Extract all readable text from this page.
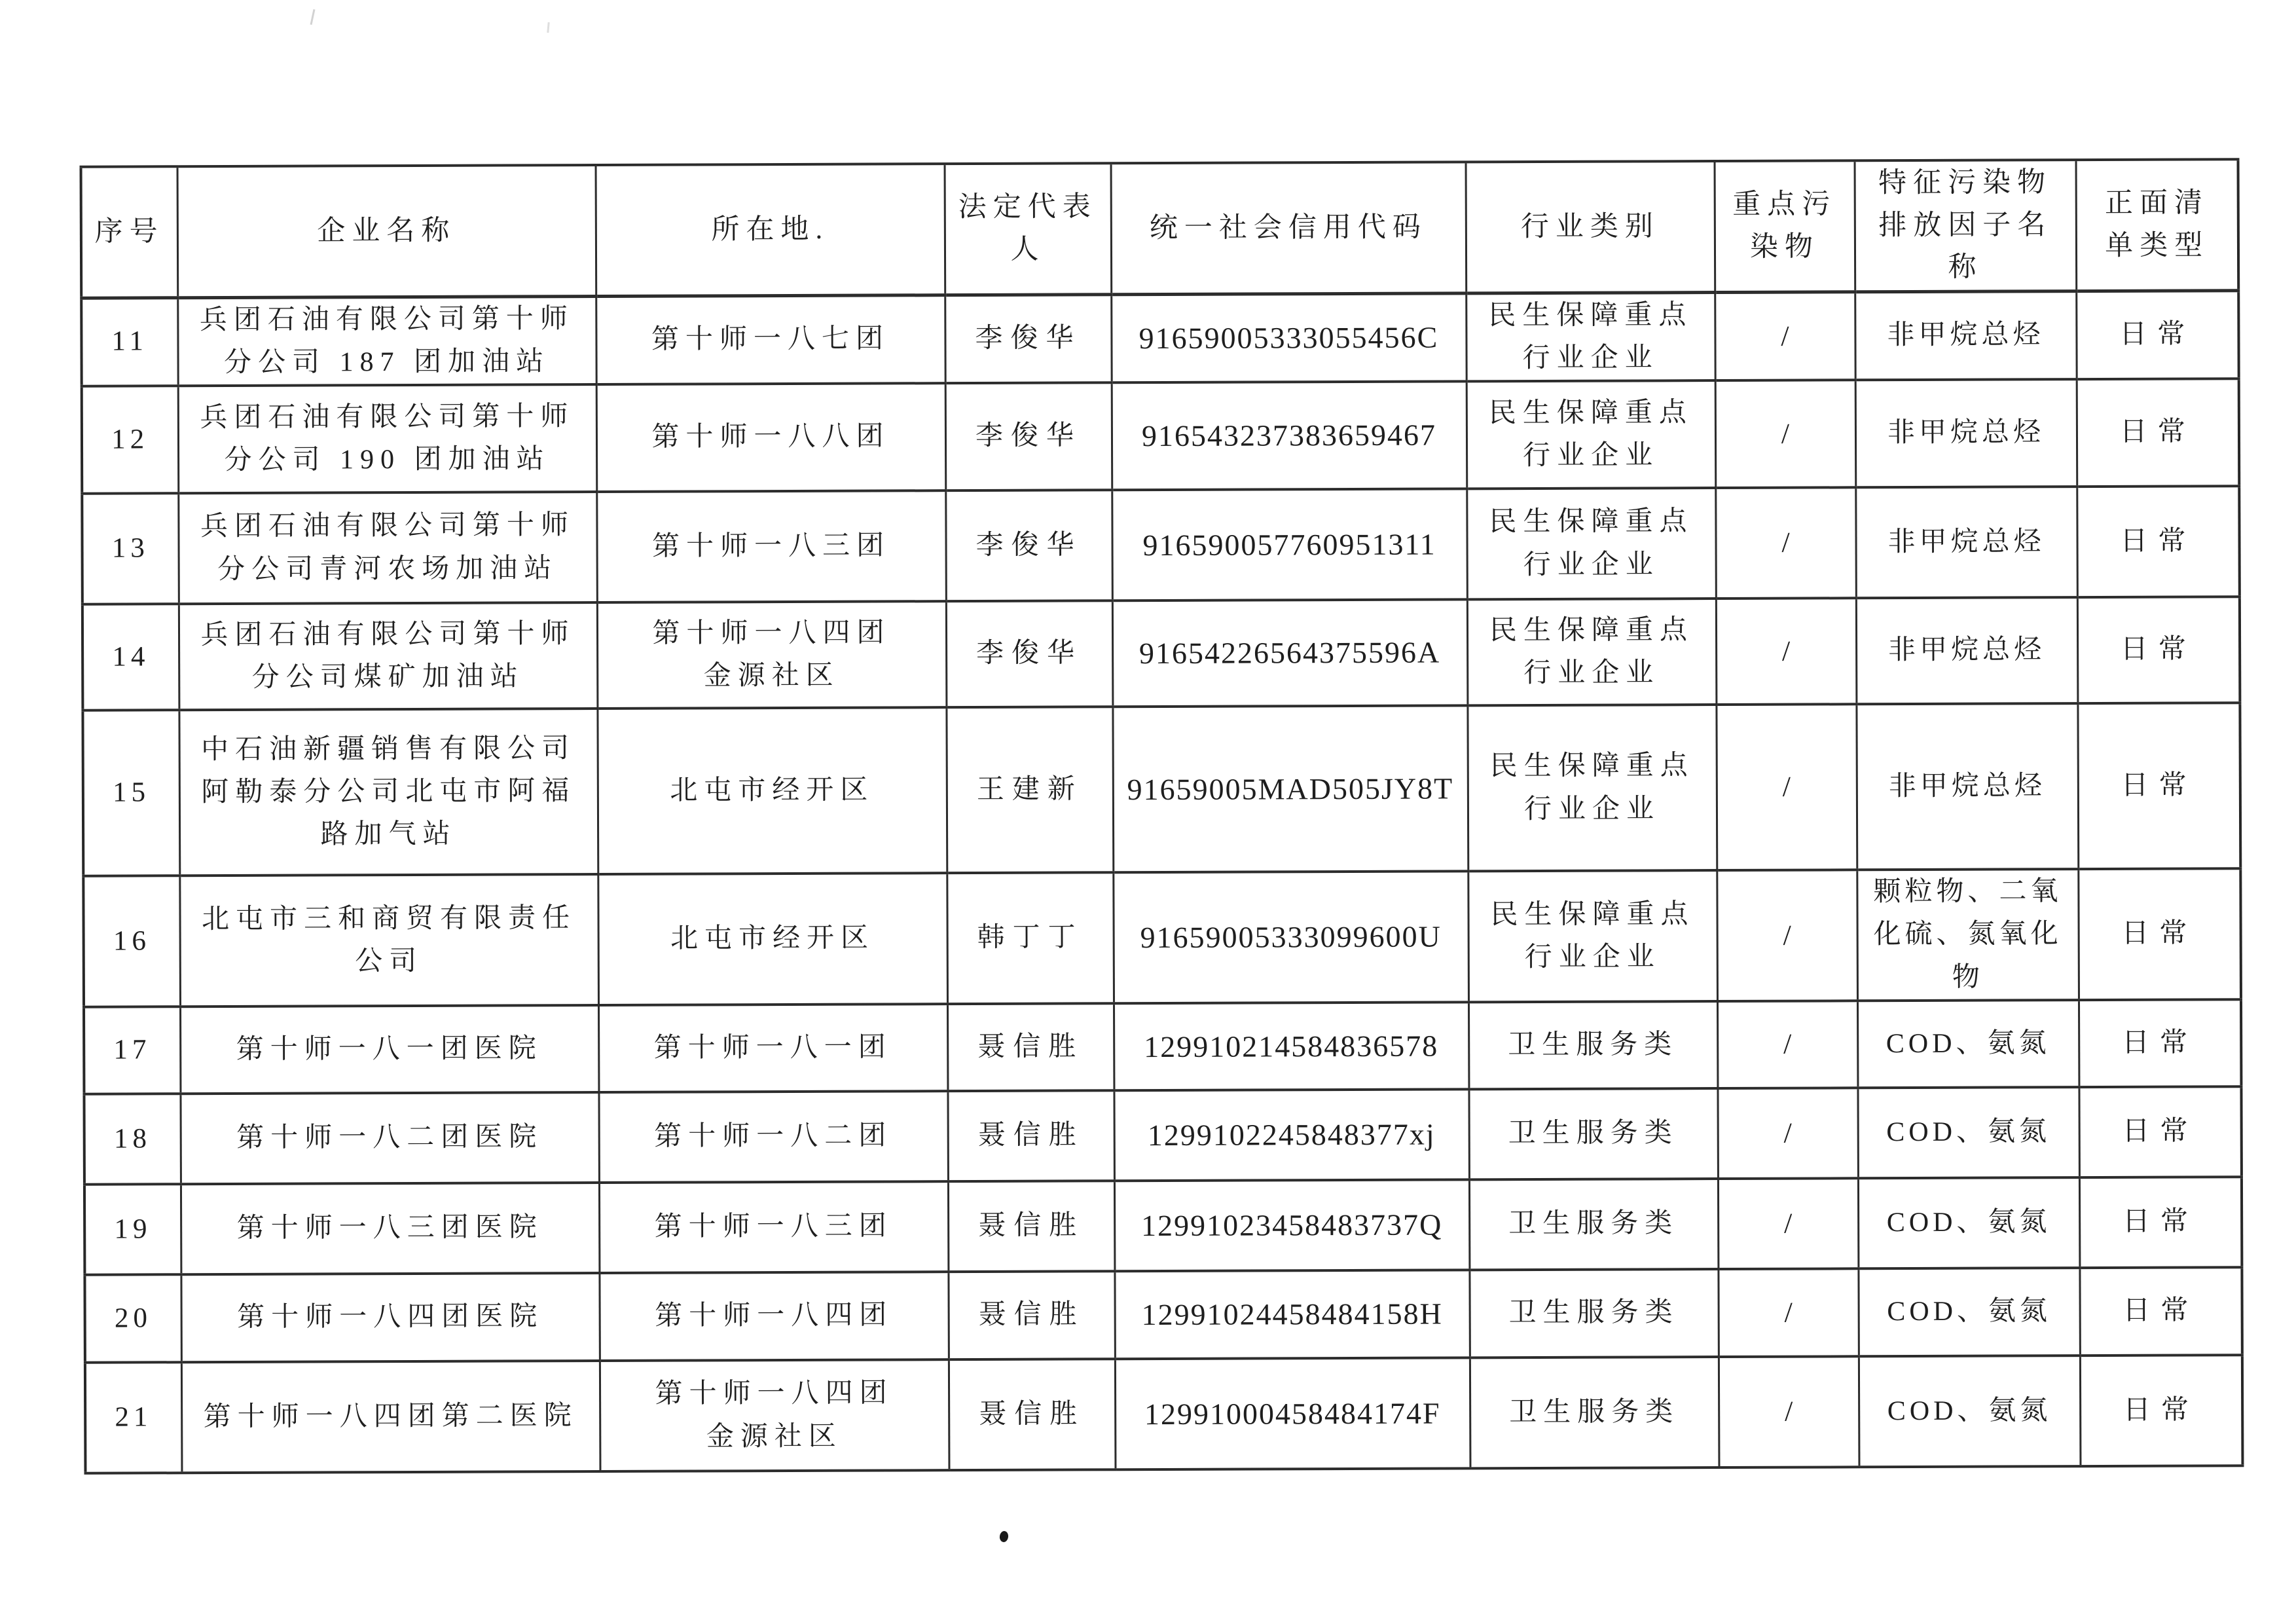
序号	企业名称	所在地.	法定代表
人	统一社会信用代码	行业类别	重点污
染物	特征污染物
排放因子名
称	正面清
单类型
11	兵团石油有限公司第十师
分公司 187 团加油站	第十师一八七团	李俊华	91659005333055456C	民生保障重点
行业企业	/	非甲烷总烃	日常
12	兵团石油有限公司第十师
分公司 190 团加油站	第十师一八八团	李俊华	916543237383659467	民生保障重点
行业企业	/	非甲烷总烃	日常
13	兵团石油有限公司第十师
分公司青河农场加油站	第十师一八三团	李俊华	916590057760951311	民生保障重点
行业企业	/	非甲烷总烃	日常
14	兵团石油有限公司第十师
分公司煤矿加油站	第十师一八四团
金源社区	李俊华	91654226564375596A	民生保障重点
行业企业	/	非甲烷总烃	日常
15	中石油新疆销售有限公司
阿勒泰分公司北屯市阿福
路加气站	北屯市经开区	王建新	91659005MAD505JY8T	民生保障重点
行业企业	/	非甲烷总烃	日常
16	北屯市三和商贸有限责任
公司	北屯市经开区	韩丁丁	91659005333099600U	民生保障重点
行业企业	/	颗粒物、二氧
化硫、氮氧化
物	日常
17	第十师一八一团医院	第十师一八一团	聂信胜	129910214584836578	卫生服务类	/	COD、氨氮	日常
18	第十师一八二团医院	第十师一八二团	聂信胜	1299102245848377xj	卫生服务类	/	COD、氨氮	日常
19	第十师一八三团医院	第十师一八三团	聂信胜	12991023458483737Q	卫生服务类	/	COD、氨氮	日常
20	第十师一八四团医院	第十师一八四团	聂信胜	12991024458484158H	卫生服务类	/	COD、氨氮	日常
21	第十师一八四团第二医院	第十师一八四团
金源社区	聂信胜	12991000458484174F	卫生服务类	/	COD、氨氮	日常
